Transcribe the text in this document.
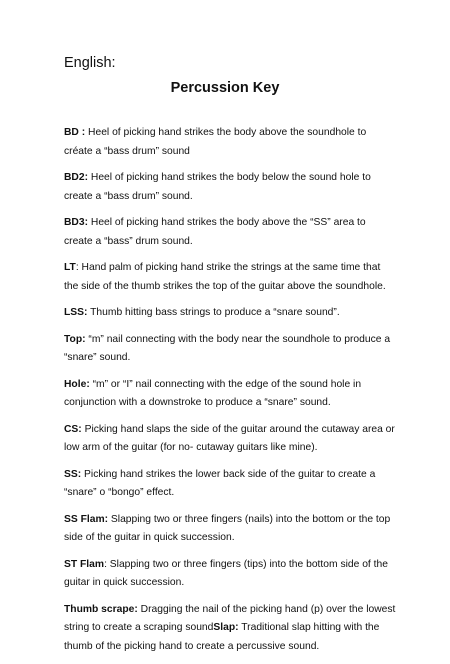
English:
Percussion Key

BD : Heel of picking hand strikes the body above the soundhole to créate a “bass drum” sound

BD2: Heel of picking hand strikes the body below the sound hole to create a “bass drum” sound.

BD3: Heel of picking hand strikes the body above the “SS” area to create a “bass” drum sound.

LT: Hand palm of picking hand strike the strings at the same time that the side of the thumb strikes the top of the guitar above the soundhole.

LSS: Thumb hitting bass strings to produce a “snare sound”.

Top: “m” nail connecting with the body near the soundhole to produce a “snare” sound.

Hole: “m” or “I” nail connecting with the edge of the sound hole in conjunction with a downstroke to produce a “snare” sound.

CS: Picking hand slaps the side of the guitar around the cutaway area or low arm of the guitar (for no- cutaway guitars like mine).

SS: Picking hand strikes the lower back side of the guitar to create a “snare” o “bongo” effect.

SS Flam: Slapping two or three fingers (nails) into the bottom or the top side of the guitar in quick succession.

ST Flam: Slapping two or three fingers (tips) into the bottom side of the guitar in quick succession.

Thumb scrape: Dragging the nail of the picking hand (p) over the lowest string to create a scraping soundSlap: Traditional slap hitting with the thumb of the picking hand to create a percussive sound.
